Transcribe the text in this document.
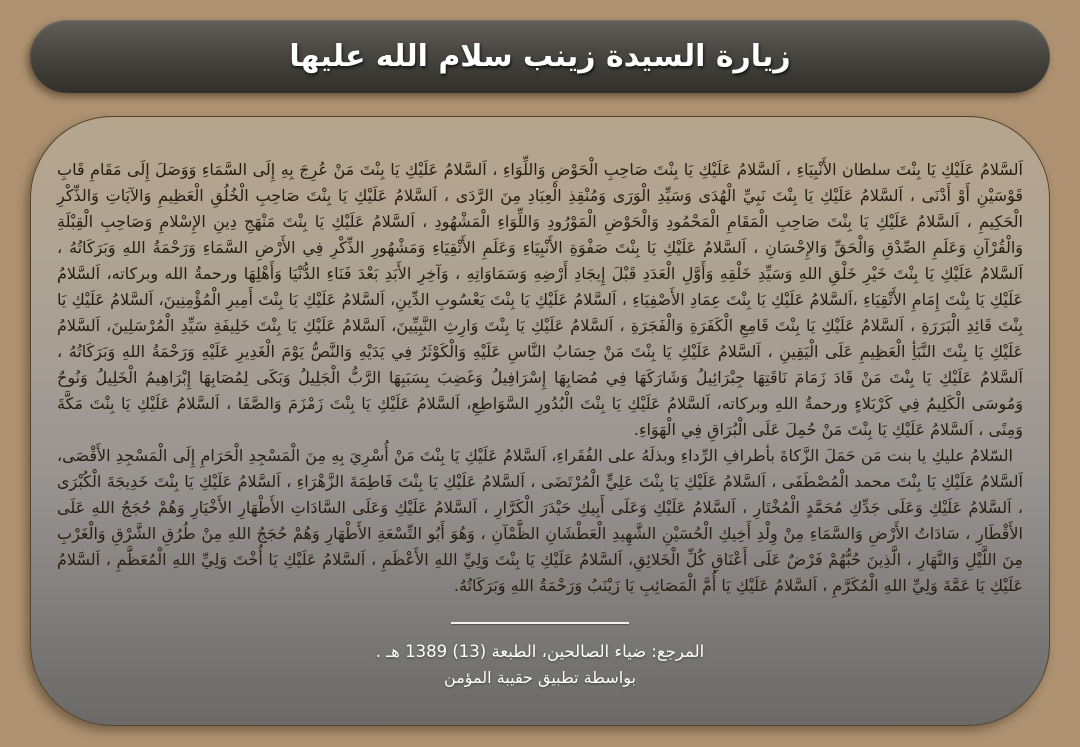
زيارة السيدة زينب سلام الله عليها

اَلسَّلامُ عَلَيْكِ يَا بِنْتَ سلطان الأَنْبِيَاءِ ، اَلسَّلامُ عَلَيْكِ يَا بِنْتَ صَاحِبِ الْحَوْضِ وَاللِّوَاءِ ، اَلسَّلامُ عَلَيْكِ يَا بِنْتَ مَنْ عُرِجَ بِهِ إِلَى السَّمَاءِ وَوَصَلَ إِلَى مَقَامِ قَابِ قَوْسَيْنِ أَوْ أَدْنَى ، اَلسَّلامُ عَلَيْكِ يَا بِنْتَ نَبِيِّ الْهُدَى وَسَيِّدِ الْوَرَى وَمُنْقِذِ الْعِبَادِ مِنَ الرَّدَى ، اَلسَّلامُ عَلَيْكِ يَا بِنْتَ صَاحِبِ الْخُلُقِ الْعَظِيمِ وَالآيَاتِ وَالذِّكْرِ الْحَكِيمِ ، اَلسَّلامُ عَلَيْكِ يَا بِنْتَ صَاحِبِ الْمَقَامِ الْمَحْمُودِ وَالْحَوْضِ الْمَوْرُودِ وَاللِّوَاءِ الْمَشْهُودِ ، اَلسَّلامُ عَلَيْكِ يَا بِنْتَ مَنْهَجِ دِينِ الإِسْلامِ وَصَاحِبِ الْقِبْلَةِ وَالْقُرْآنِ وَعَلَمِ الصِّدْقِ وَالْحَقِّ وَالإِحْسَانِ ، اَلسَّلامُ عَلَيْكِ يَا بِنْتَ صَفْوَةِ الأَنْبِيَاءِ وَعَلَمِ الأَتْقِيَاءِ وَمَشْهُورِ الذِّكْرِ فِي الأَرْضِ السَّمَاءِ وَرَحْمَةُ اللهِ وَبَرَكَاتُهُ ، اَلسَّلامُ عَلَيْكِ يَا بِنْتَ خَيْرِ خَلْقِ اللهِ وَسَيِّدِ خَلْقِهِ وَأَوَّلِ الْعَدَدِ قَبْلَ إِيجَادِ أَرْضِهِ وَسَمَاوَاتِهِ ، وَآخِرِ الأَبَدِ بَعْدَ فَنَاءِ الدُّنْيَا وَأَهْلِهَا ورحمةُ الله وبركاته، اَلسَّلامُ عَلَيْكِ يَا بِنْتَ إِمَامِ الأَتْقِيَاءِ ،اَلسَّلامُ عَلَيْكِ يَا بِنْتَ عِمَادِ الأَصْفِيَاءِ ، اَلسَّلامُ عَلَيْكِ يَا بِنْتَ يَعْسُوبِ الدِّينِ، اَلسَّلامُ عَلَيْكِ يَا بِنْتَ أَمِيرِ الْمُؤْمِنِينَ، اَلسَّلامُ عَلَيْكِ يَا بِنْتَ قَائِدِ الْبَرَرَةِ ، اَلسَّلامُ عَلَيْكِ يَا بِنْتَ قَامِعِ الْكَفَرَةِ وَالْفَجَرَةِ ، اَلسَّلامُ عَلَيْكِ يَا بِنْتَ وَارِثِ النَّبِيِّينَ، اَلسَّلامُ عَلَيْكِ يَا بِنْتَ خَلِيفَةِ سَيِّدِ الْمُرْسَلِينَ، اَلسَّلامُ عَلَيْكِ يَا بِنْتَ النَّبَأِ الْعَظِيمِ عَلَى الْيَقِينِ ، اَلسَّلامُ عَلَيْكِ يَا بِنْتَ مَنْ حِسَابُ النَّاسِ عَلَيْهِ وَالْكَوْثَرُ فِي يَدَيْهِ وَالنَّصُّ يَوْمَ الْغَدِيرِ عَلَيْهِ وَرَحْمَةُ اللهِ وَبَرَكَاتُهُ ، اَلسَّلامُ عَلَيْكِ يَا بِنْتَ مَنْ قَادَ زَمَامَ نَاقَتِهَا جِبْرَائِيلُ وَشَارَكَهَا فِي مُصَابِهَا إِسْرَافِيلُ وَغَضِبَ بِسَبَبِهَا الرَّبُّ الْجَلِيلُ وَبَكَى لِمُصَابِهَا إِبْرَاهِيمُ الْخَلِيلُ وَنُوحٌ وَمُوسَى الْكَلِيمُ فِي كَرْبَلاءٍ ورحمةُ اللهِ وبركاته، اَلسَّلامُ عَلَيْكِ يَا بِنْتَ الْبُدُورِ السَّوَاطِعِ، اَلسَّلامُ عَلَيْكِ يَا بِنْتَ زَمْزَمَ وَالصَّفَا ، اَلسَّلامُ عَلَيْكِ يَا بِنْتَ مَكَّةَ وَمِنًى ، اَلسَّلامُ عَلَيْكِ يَا بِنْتَ مَنْ حُمِلَ عَلَى الْبُرَاقِ فِي الْهَوَاءِ.

السّلامُ عليكِ يا بنت مَن حَمَلَ الزَّكاةَ بأطرافِ الرِّداءِ وبذلَهُ على الفُقَراءِ، اَلسَّلامُ عَلَيْكِ يَا بِنْتَ مَنْ أُسْرِيَ بِهِ مِنَ الْمَسْجِدِ الْحَرَامِ إِلَى الْمَسْجِدِ الأَقْصَى، اَلسَّلامُ عَلَيْكِ يَا بِنْتَ محمد الْمُصْطَفَى ، اَلسَّلامُ عَلَيْكِ يَا بِنْتَ عَلِيٍّ الْمُرْتَضَى ، اَلسَّلامُ عَلَيْكِ يَا بِنْتَ فَاطِمَةَ الزَّهْرَاءِ ، اَلسَّلامُ عَلَيْكِ يَا بِنْتَ خَدِيجَةَ الْكُبْرَى ، اَلسَّلامُ عَلَيْكِ وَعَلَى جَدِّكِ مُحَمَّدٍ الْمُخْتَارِ ، اَلسَّلامُ عَلَيْكِ وَعَلَى أَبِيكِ حَيْدَرَ الْكَرَّارِ ، اَلسَّلامُ عَلَيْكِ وَعَلَى السَّادَاتِ الأَطْهَارِ الأَخْيَارِ وَهُمْ حُجَجُ اللهِ عَلَى الأَقْطَارِ ، سَادَاتُ الأَرْضِ وَالسَّمَاءِ مِنْ وِلْدِ أَخِيكِ الْحُسَيْنِ الشَّهِيدِ الْعَطْشَانِ الظَّمْآنِ ، وَهُوَ أَبُو التِّسْعَةِ الأَطْهَارِ وَهُمْ حُجَجُ اللهِ مِنْ طُرُقِ الشَّرْقِ وَالْغَرْبِ مِنَ اللَّيْلِ وَالنَّهَارِ ، الَّذِينَ حُبُّهُمْ فَرْضٌ عَلَى أَعْنَاقِ كُلِّ الْخَلائِقِ، اَلسَّلامُ عَلَيْكِ يَا بِنْتَ وَلِيِّ اللهِ الأَعْظَمِ ، اَلسَّلامُ عَلَيْكِ يَا أُخْتَ وَلِيِّ اللهِ الْمُعَظَّمِ ، اَلسَّلامُ عَلَيْكِ يَا عَمَّةَ وَلِيِّ اللهِ الْمُكَرَّمِ ، اَلسَّلامُ عَلَيْكِ يَا أُمَّ الْمَصَائِبِ يَا زَيْنَبُ وَرَحْمَةُ اللهِ وَبَرَكَاتُهُ.

المرجع: ضياء الصالحين، الطبعة (13) 1389 هـ .
بواسطة تطبيق حقيبة المؤمن
